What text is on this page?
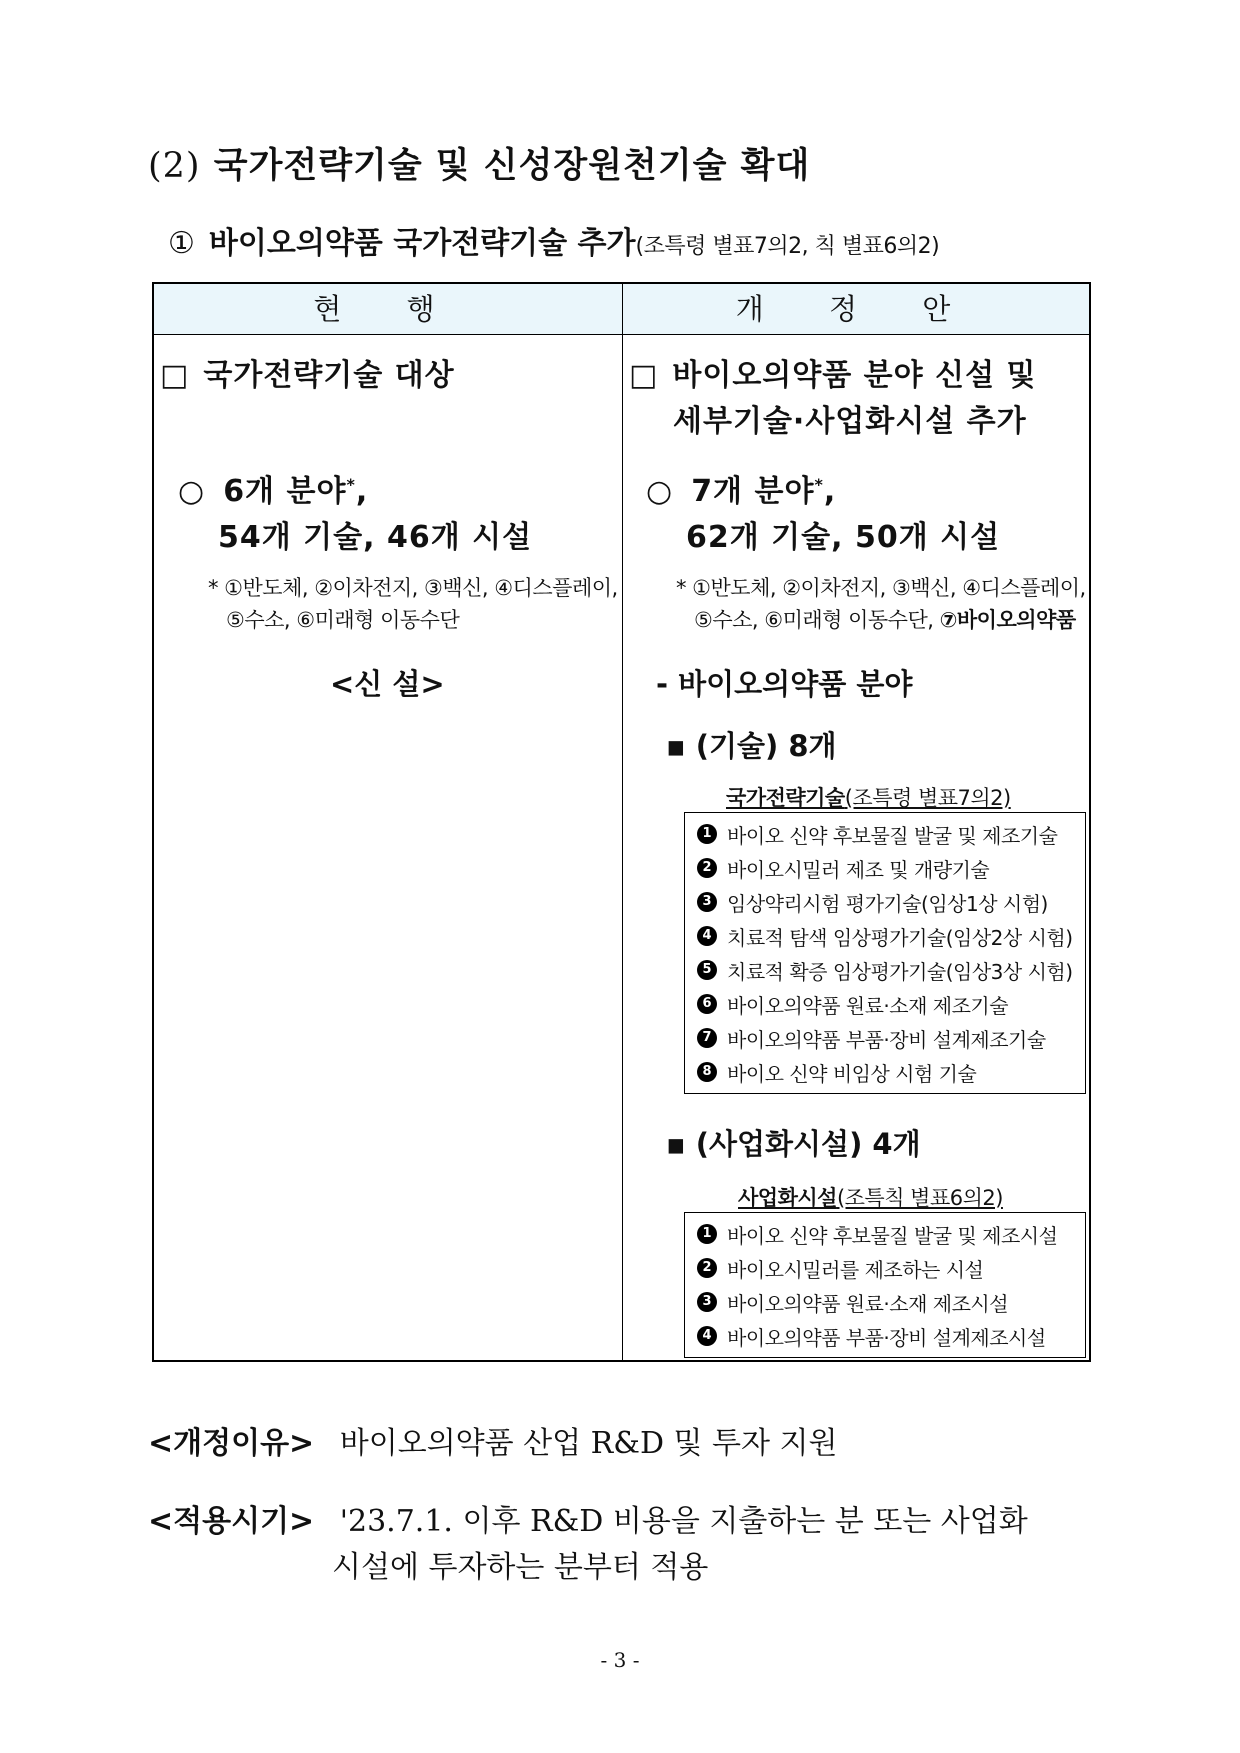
(2) 국가전략기술 및 신성장원천기술 확대
① 바이오의약품 국가전략기술 추가(조특령 별표7의2, 칙 별표6의2)
현 행	개 정 안
□ 국가전략기술 대상
○ 6개 분야*,
54개 기술, 46개 시설
* ①반도체, ②이차전지, ③백신, ④디스플레이,
⑤수소, ⑥미래형 이동수단
<신 설>
□ 바이오의약품 분야 신설 및
세부기술·사업화시설 추가
○ 7개 분야*,
62개 기술, 50개 시설
* ①반도체, ②이차전지, ③백신, ④디스플레이,
⑤수소, ⑥미래형 이동수단, ⑦바이오의약품
- 바이오의약품 분야
▪ (기술) 8개
국가전략기술(조특령 별표7의2)
1 바이오 신약 후보물질 발굴 및 제조기술
2 바이오시밀러 제조 및 개량기술
3 임상약리시험 평가기술(임상1상 시험)
4 치료적 탐색 임상평가기술(임상2상 시험)
5 치료적 확증 임상평가기술(임상3상 시험)
6 바이오의약품 원료·소재 제조기술
7 바이오의약품 부품·장비 설계제조기술
8 바이오 신약 비임상 시험 기술
▪ (사업화시설) 4개
사업화시설(조특칙 별표6의2)
1 바이오 신약 후보물질 발굴 및 제조시설
2 바이오시밀러를 제조하는 시설
3 바이오의약품 원료·소재 제조시설
4 바이오의약품 부품·장비 설계제조시설
<개정이유> 바이오의약품 산업 R&D 및 투자 지원
<적용시기> '23.7.1. 이후 R&D 비용을 지출하는 분 또는 사업화
시설에 투자하는 분부터 적용
- 3 -
